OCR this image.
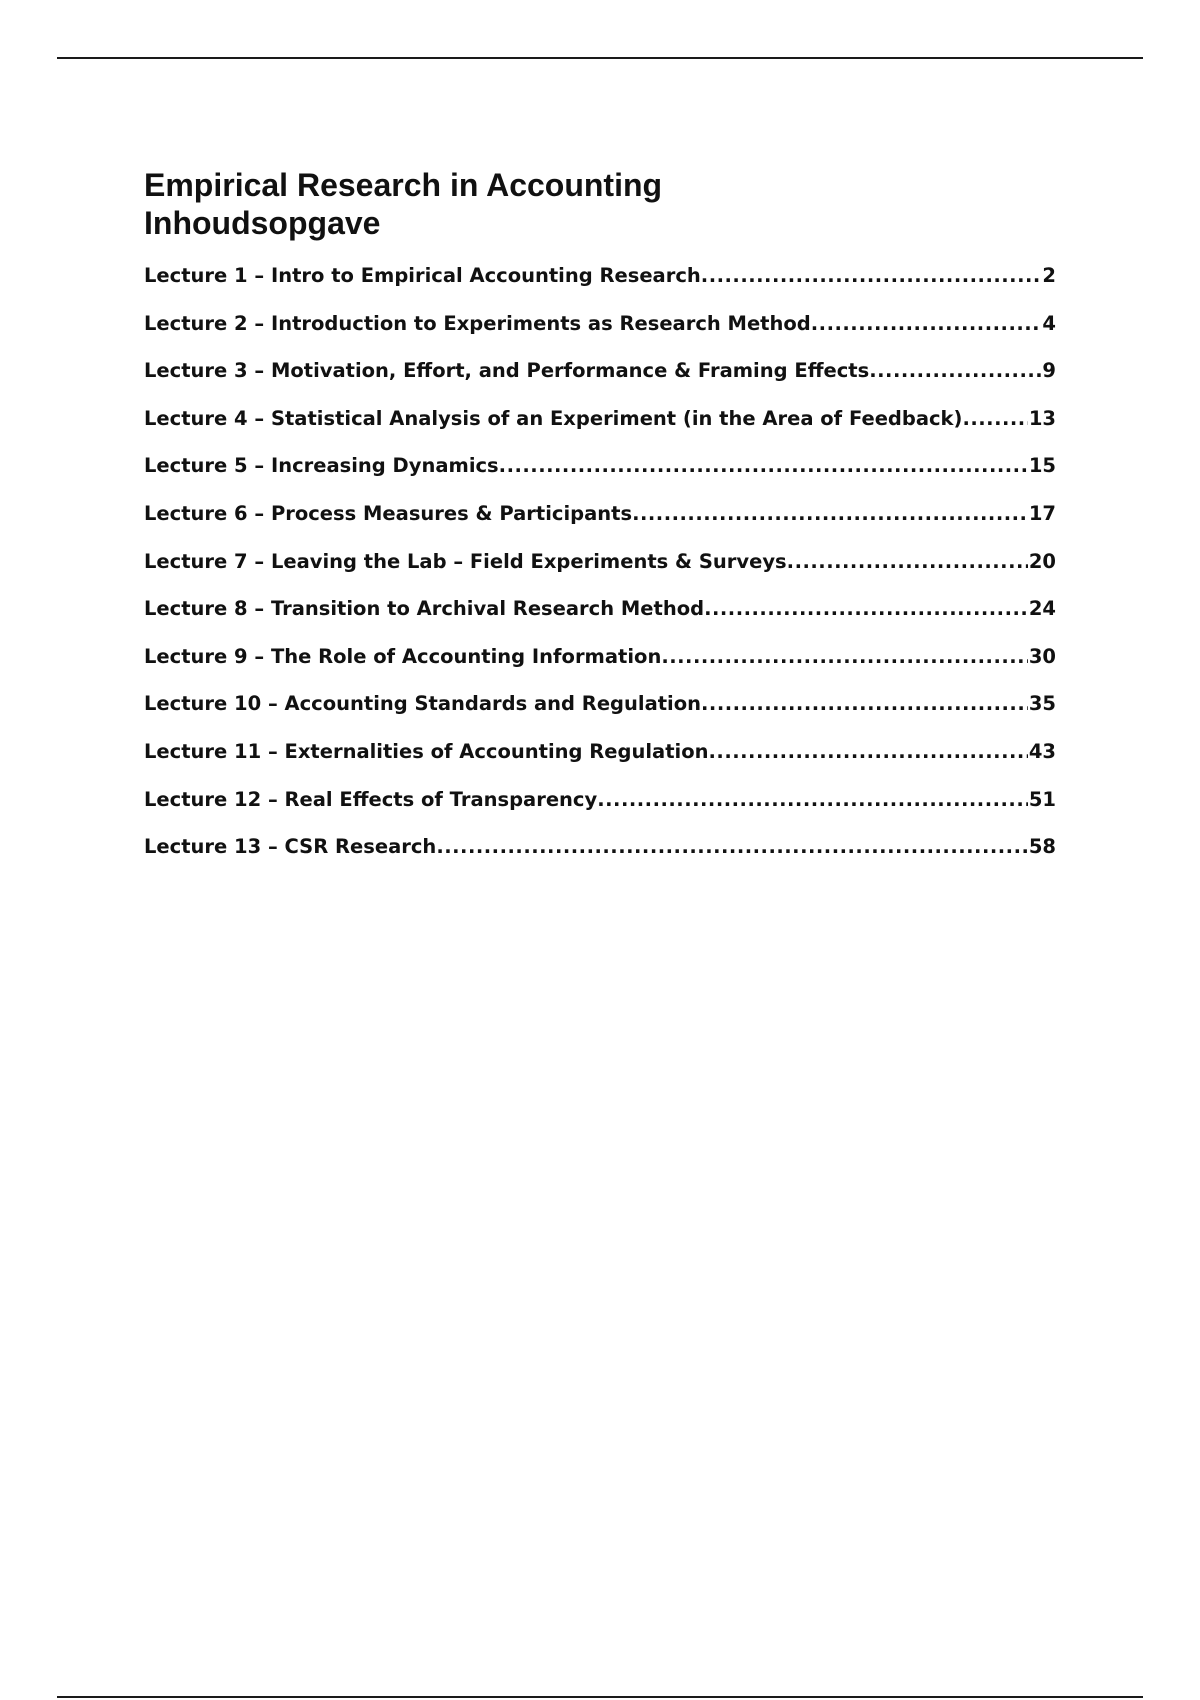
Empirical Research in Accounting
Inhoudsopgave
Lecture 1 – Intro to Empirical Accounting Research .....	2
Lecture 2 – Introduction to Experiments as Research Method .....	4
Lecture 3 – Motivation, Effort, and Performance & Framing Effects .....	9
Lecture 4 – Statistical Analysis of an Experiment (in the Area of Feedback) .....	13
Lecture 5 – Increasing Dynamics .....	15
Lecture 6 – Process Measures & Participants .....	17
Lecture 7 – Leaving the Lab – Field Experiments & Surveys .....	20
Lecture 8 – Transition to Archival Research Method .....	24
Lecture 9 – The Role of Accounting Information .....	30
Lecture 10 – Accounting Standards and Regulation .....	35
Lecture 11 – Externalities of Accounting Regulation .....	43
Lecture 12 – Real Effects of Transparency .....	51
Lecture 13 – CSR Research .....	58
